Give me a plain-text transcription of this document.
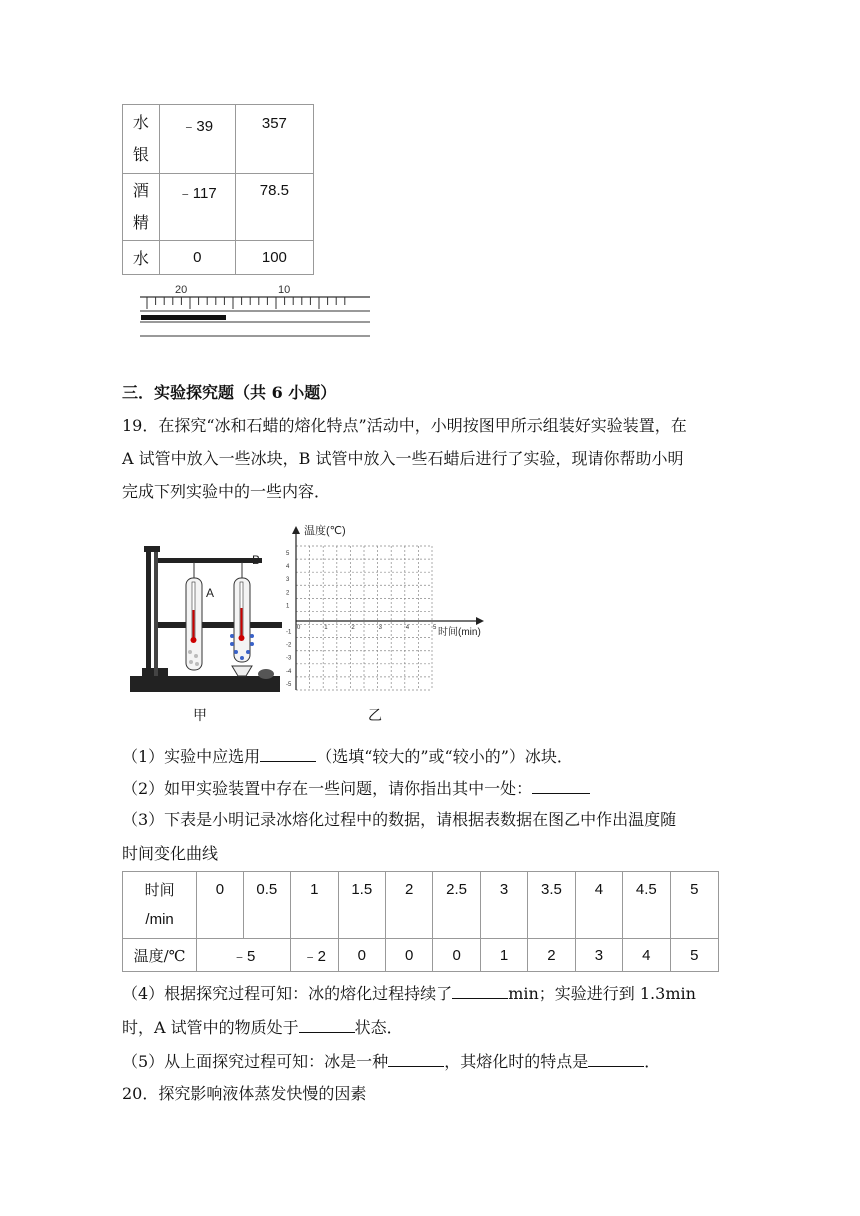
水银	﹣39	357
酒精	﹣117	78.5
水	0	100
20	10
三．实验探究题（共 6 小题）
19．在探究“冰和石蜡的熔化特点”活动中，小明按图甲所示组装好实验装置，在
A 试管中放入一些冰块，B 试管中放入一些石蜡后进行了实验，现请你帮助小明
完成下列实验中的一些内容．
A
B
甲
温度(℃)
时间(min)
5
4
3
2
1
-1
-2
-3
-4
-5
0	1	2	3	4	5
乙
（1）实验中应选用	（选填“较大的”或“较小的”）冰块．
（2）如甲实验装置中存在一些问题，请你指出其中一处：
（3）下表是小明记录冰熔化过程中的数据，请根据表数据在图乙中作出温度随
时间变化曲线
时间
/min	0	0.5	1	1.5	2	2.5	3	3.5	4	4.5	5
温度/℃	﹣5		﹣2	0	0	0	1	2	3	4	5
（4）根据探究过程可知：冰的熔化过程持续了	min；实验进行到 1.3min
时，A 试管中的物质处于	状态．
（5）从上面探究过程可知：冰是一种	，其熔化时的特点是	．
20．探究影响液体蒸发快慢的因素
